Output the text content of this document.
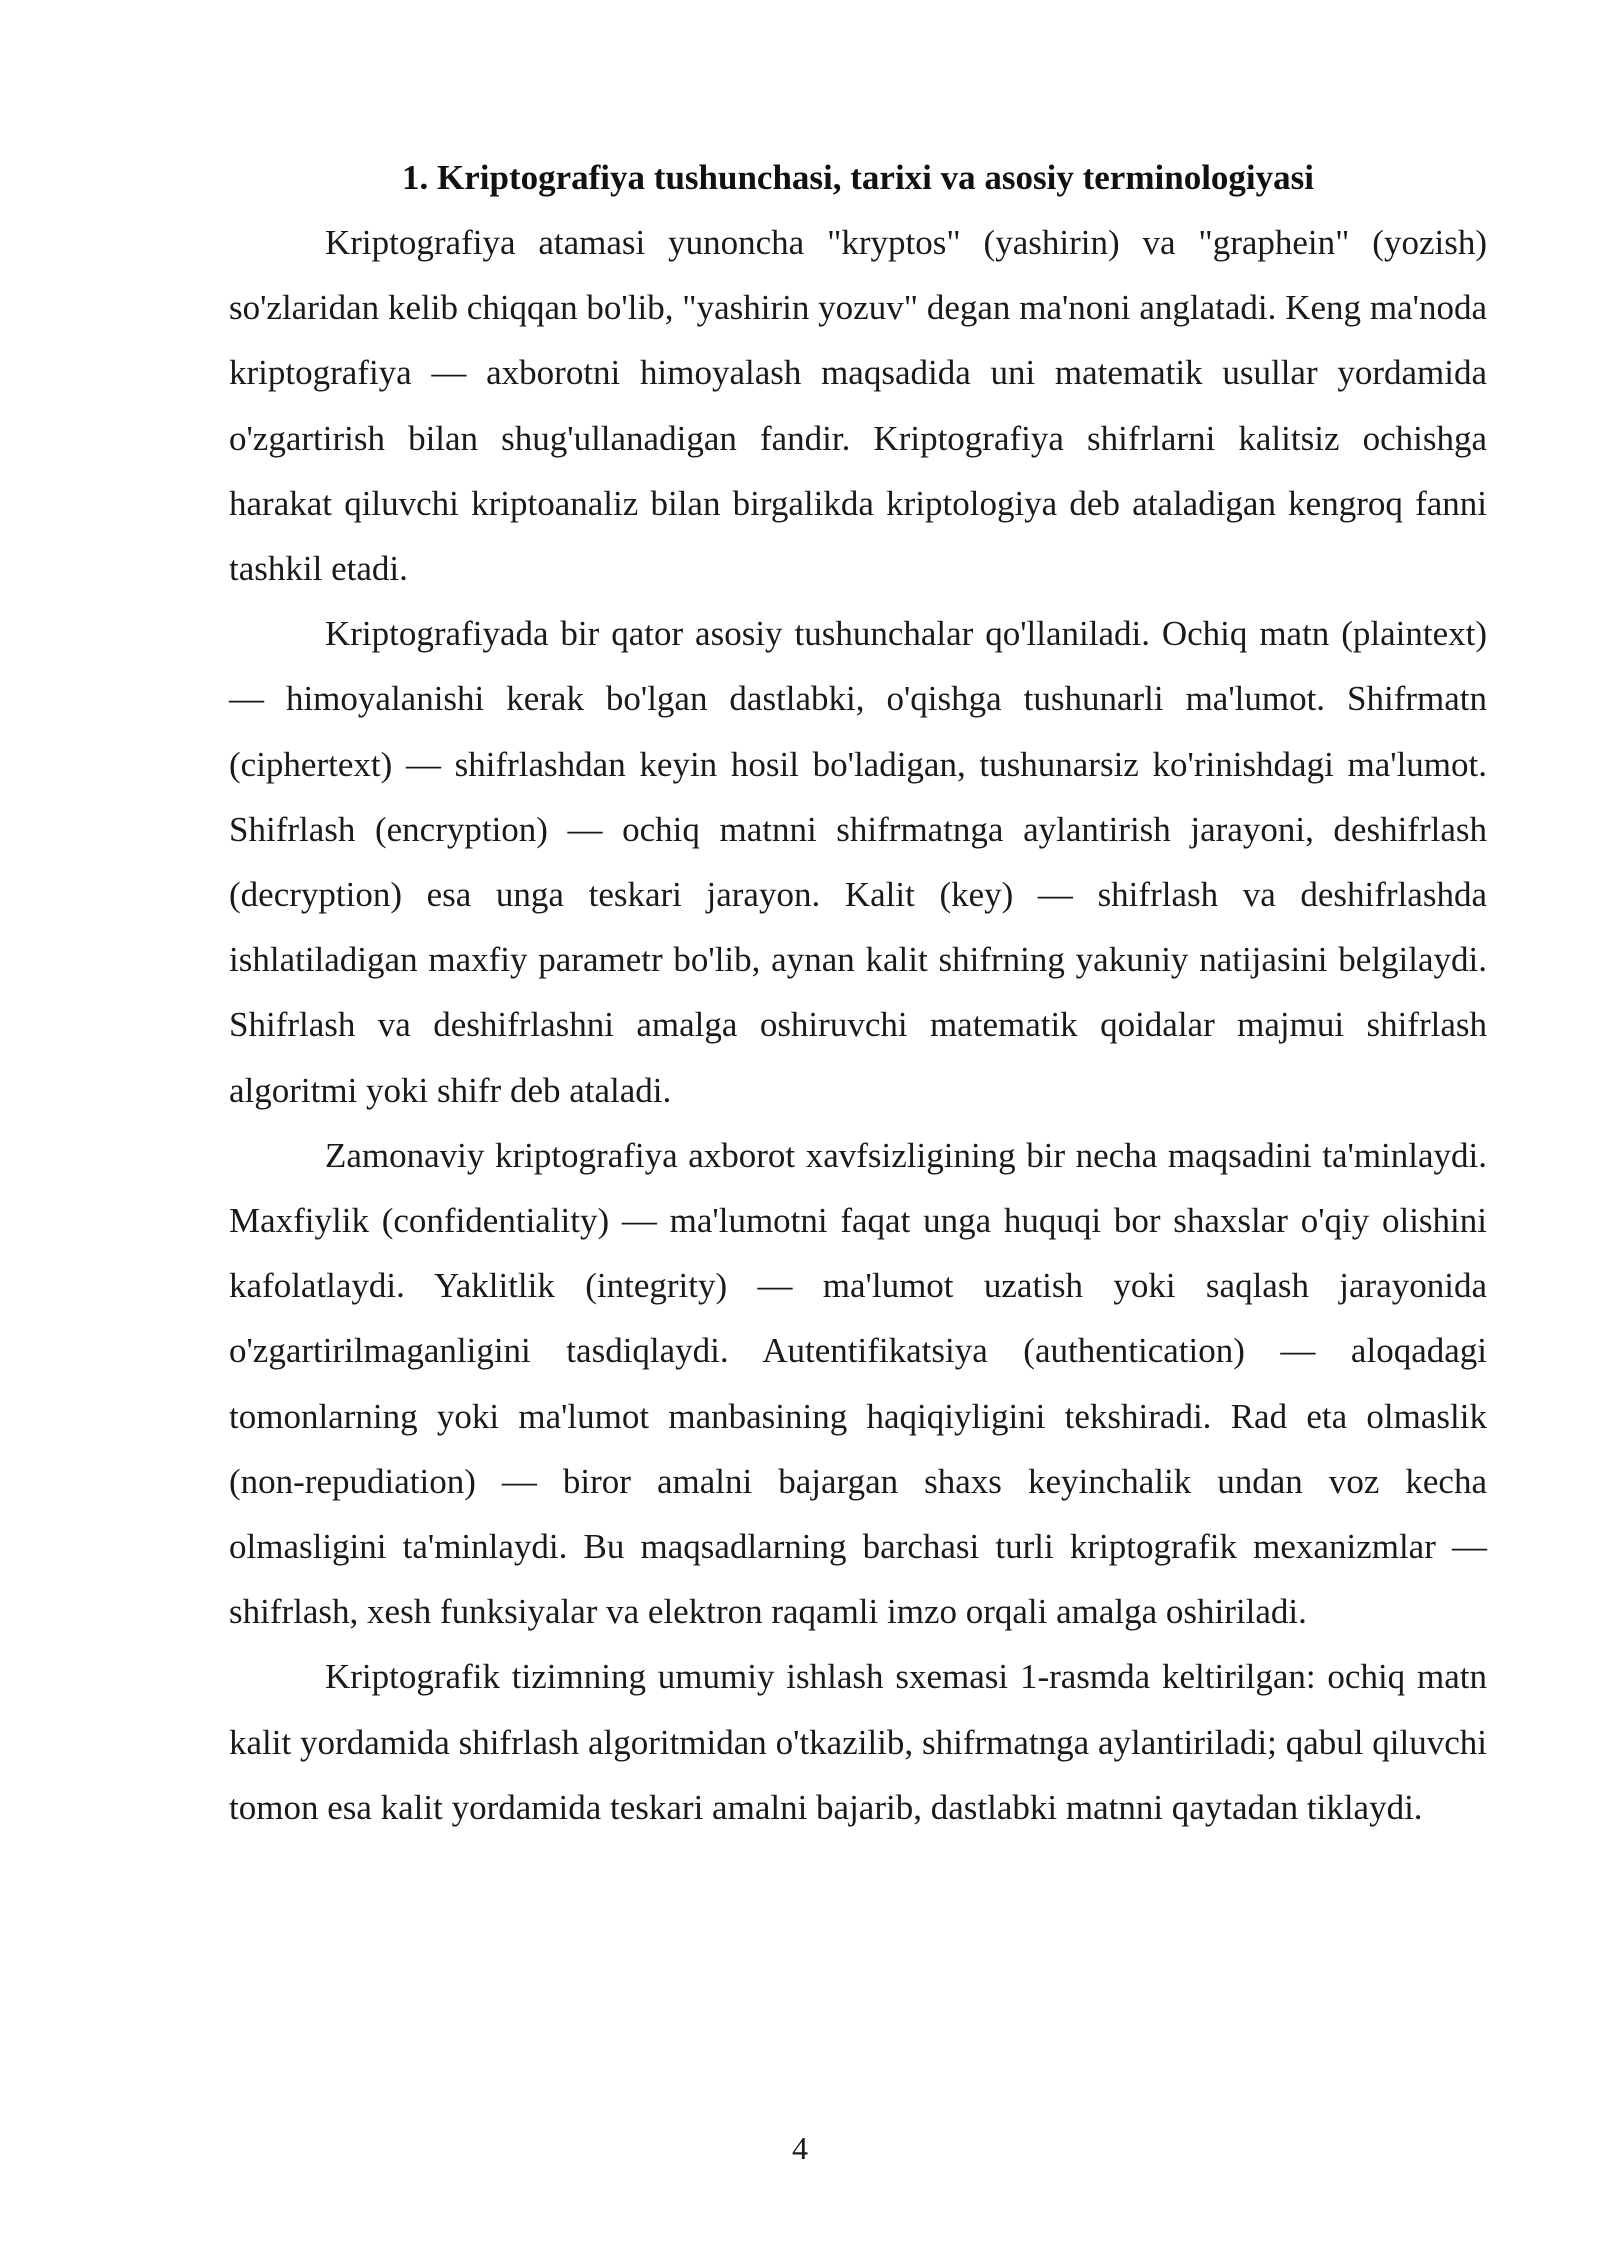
1. Kriptografiya tushunchasi, tarixi va asosiy terminologiyasi

Kriptografiya atamasi yunoncha "kryptos" (yashirin) va "graphein" (yozish) so'zlaridan kelib chiqqan bo'lib, "yashirin yozuv" degan ma'noni anglatadi. Keng ma'noda kriptografiya — axborotni himoyalash maqsadida uni matematik usullar yordamida o'zgartirish bilan shug'ullanadigan fandir. Kriptografiya shifrlarni kalitsiz ochishga harakat qiluvchi kriptoanaliz bilan birgalikda kriptologiya deb ataladigan kengroq fanni tashkil etadi.

Kriptografiyada bir qator asosiy tushunchalar qo'llaniladi. Ochiq matn (plaintext) — himoyalanishi kerak bo'lgan dastlabki, o'qishga tushunarli ma'lumot. Shifrmatn (ciphertext) — shifrlashdan keyin hosil bo'ladigan, tushunarsiz ko'rinishdagi ma'lumot. Shifrlash (encryption) — ochiq matnni shifrmatnga aylantirish jarayoni, deshifrlash (decryption) esa unga teskari jarayon. Kalit (key) — shifrlash va deshifrlashda ishlatiladigan maxfiy parametr bo'lib, aynan kalit shifrning yakuniy natijasini belgilaydi. Shifrlash va deshifrlashni amalga oshiruvchi matematik qoidalar majmui shifrlash algoritmi yoki shifr deb ataladi.

Zamonaviy kriptografiya axborot xavfsizligining bir necha maqsadini ta'minlaydi. Maxfiylik (confidentiality) — ma'lumotni faqat unga huquqi bor shaxslar o'qiy olishini kafolatlaydi. Yaklitlik (integrity) — ma'lumot uzatish yoki saqlash jarayonida o'zgartirilmaganligini tasdiqlaydi. Autentifikatsiya (authentication) — aloqadagi tomonlarning yoki ma'lumot manbasining haqiqiyligini tekshiradi. Rad eta olmaslik (non-repudiation) — biror amalni bajargan shaxs keyinchalik undan voz kecha olmasligini ta'minlaydi. Bu maqsadlarning barchasi turli kriptografik mexanizmlar — shifrlash, xesh funksiyalar va elektron raqamli imzo orqali amalga oshiriladi.

Kriptografik tizimning umumiy ishlash sxemasi 1-rasmda keltirilgan: ochiq matn kalit yordamida shifrlash algoritmidan o'tkazilib, shifrmatnga aylantiriladi; qabul qiluvchi tomon esa kalit yordamida teskari amalni bajarib, dastlabki matnni qaytadan tiklaydi.

4
